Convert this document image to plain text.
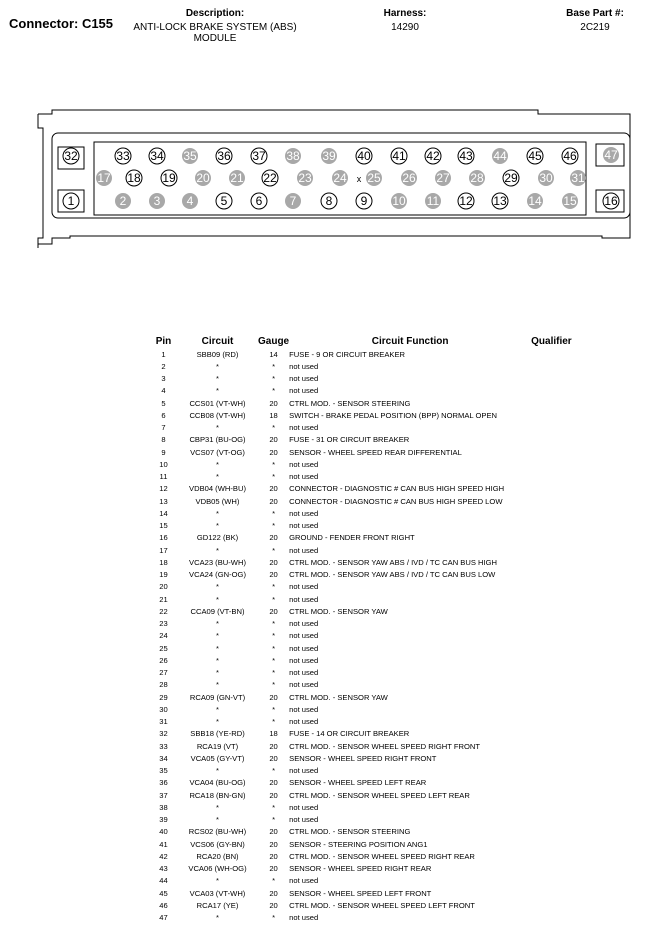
Connector: C155
Description:
ANTI-LOCK BRAKE SYSTEM (ABS)
MODULE
Harness:
14290
Base Part #:
2C219
32	33 34 35 36 37 38 39 40 41 42 43 44 45 46 47
17 18 19 20 21 22 23 24 25 26 27 28 29 30 31
1	2 3 4 5 6 7 8 9 10 11 12 13 14 15 16
x
Pin	Circuit	Gauge	Circuit Function	Qualifier
1	SBB09 (RD)	14	FUSE - 9 OR CIRCUIT BREAKER	
2	*	*	not used	
3	*	*	not used	
4	*	*	not used	
5	CCS01 (VT-WH)	20	CTRL MOD. - SENSOR STEERING	
6	CCB08 (VT-WH)	18	SWITCH - BRAKE PEDAL POSITION (BPP) NORMAL OPEN	
7	*	*	not used	
8	CBP31 (BU-OG)	20	FUSE - 31 OR CIRCUIT BREAKER	
9	VCS07 (VT-OG)	20	SENSOR - WHEEL SPEED REAR DIFFERENTIAL	
10	*	*	not used	
11	*	*	not used	
12	VDB04 (WH-BU)	20	CONNECTOR - DIAGNOSTIC # CAN BUS HIGH SPEED HIGH	
13	VDB05 (WH)	20	CONNECTOR - DIAGNOSTIC # CAN BUS HIGH SPEED LOW	
14	*	*	not used	
15	*	*	not used	
16	GD122 (BK)	20	GROUND - FENDER FRONT RIGHT	
17	*	*	not used	
18	VCA23 (BU-WH)	20	CTRL MOD. - SENSOR YAW ABS / IVD / TC CAN BUS HIGH	
19	VCA24 (GN-OG)	20	CTRL MOD. - SENSOR YAW ABS / IVD / TC CAN BUS LOW	
20	*	*	not used	
21	*	*	not used	
22	CCA09 (VT-BN)	20	CTRL MOD. - SENSOR YAW	
23	*	*	not used	
24	*	*	not used	
25	*	*	not used	
26	*	*	not used	
27	*	*	not used	
28	*	*	not used	
29	RCA09 (GN-VT)	20	CTRL MOD. - SENSOR YAW	
30	*	*	not used	
31	*	*	not used	
32	SBB18 (YE-RD)	18	FUSE - 14 OR CIRCUIT BREAKER	
33	RCA19 (VT)	20	CTRL MOD. - SENSOR WHEEL SPEED RIGHT FRONT	
34	VCA05 (GY-VT)	20	SENSOR - WHEEL SPEED RIGHT FRONT	
35	*	*	not used	
36	VCA04 (BU-OG)	20	SENSOR - WHEEL SPEED LEFT REAR	
37	RCA18 (BN-GN)	20	CTRL MOD. - SENSOR WHEEL SPEED LEFT REAR	
38	*	*	not used	
39	*	*	not used	
40	RCS02 (BU-WH)	20	CTRL MOD. - SENSOR STEERING	
41	VCS06 (GY-BN)	20	SENSOR - STEERING POSITION ANG1	
42	RCA20 (BN)	20	CTRL MOD. - SENSOR WHEEL SPEED RIGHT REAR	
43	VCA06 (WH-OG)	20	SENSOR - WHEEL SPEED RIGHT REAR	
44	*	*	not used	
45	VCA03 (VT-WH)	20	SENSOR - WHEEL SPEED LEFT FRONT	
46	RCA17 (YE)	20	CTRL MOD. - SENSOR WHEEL SPEED LEFT FRONT	
47	*	*	not used	
